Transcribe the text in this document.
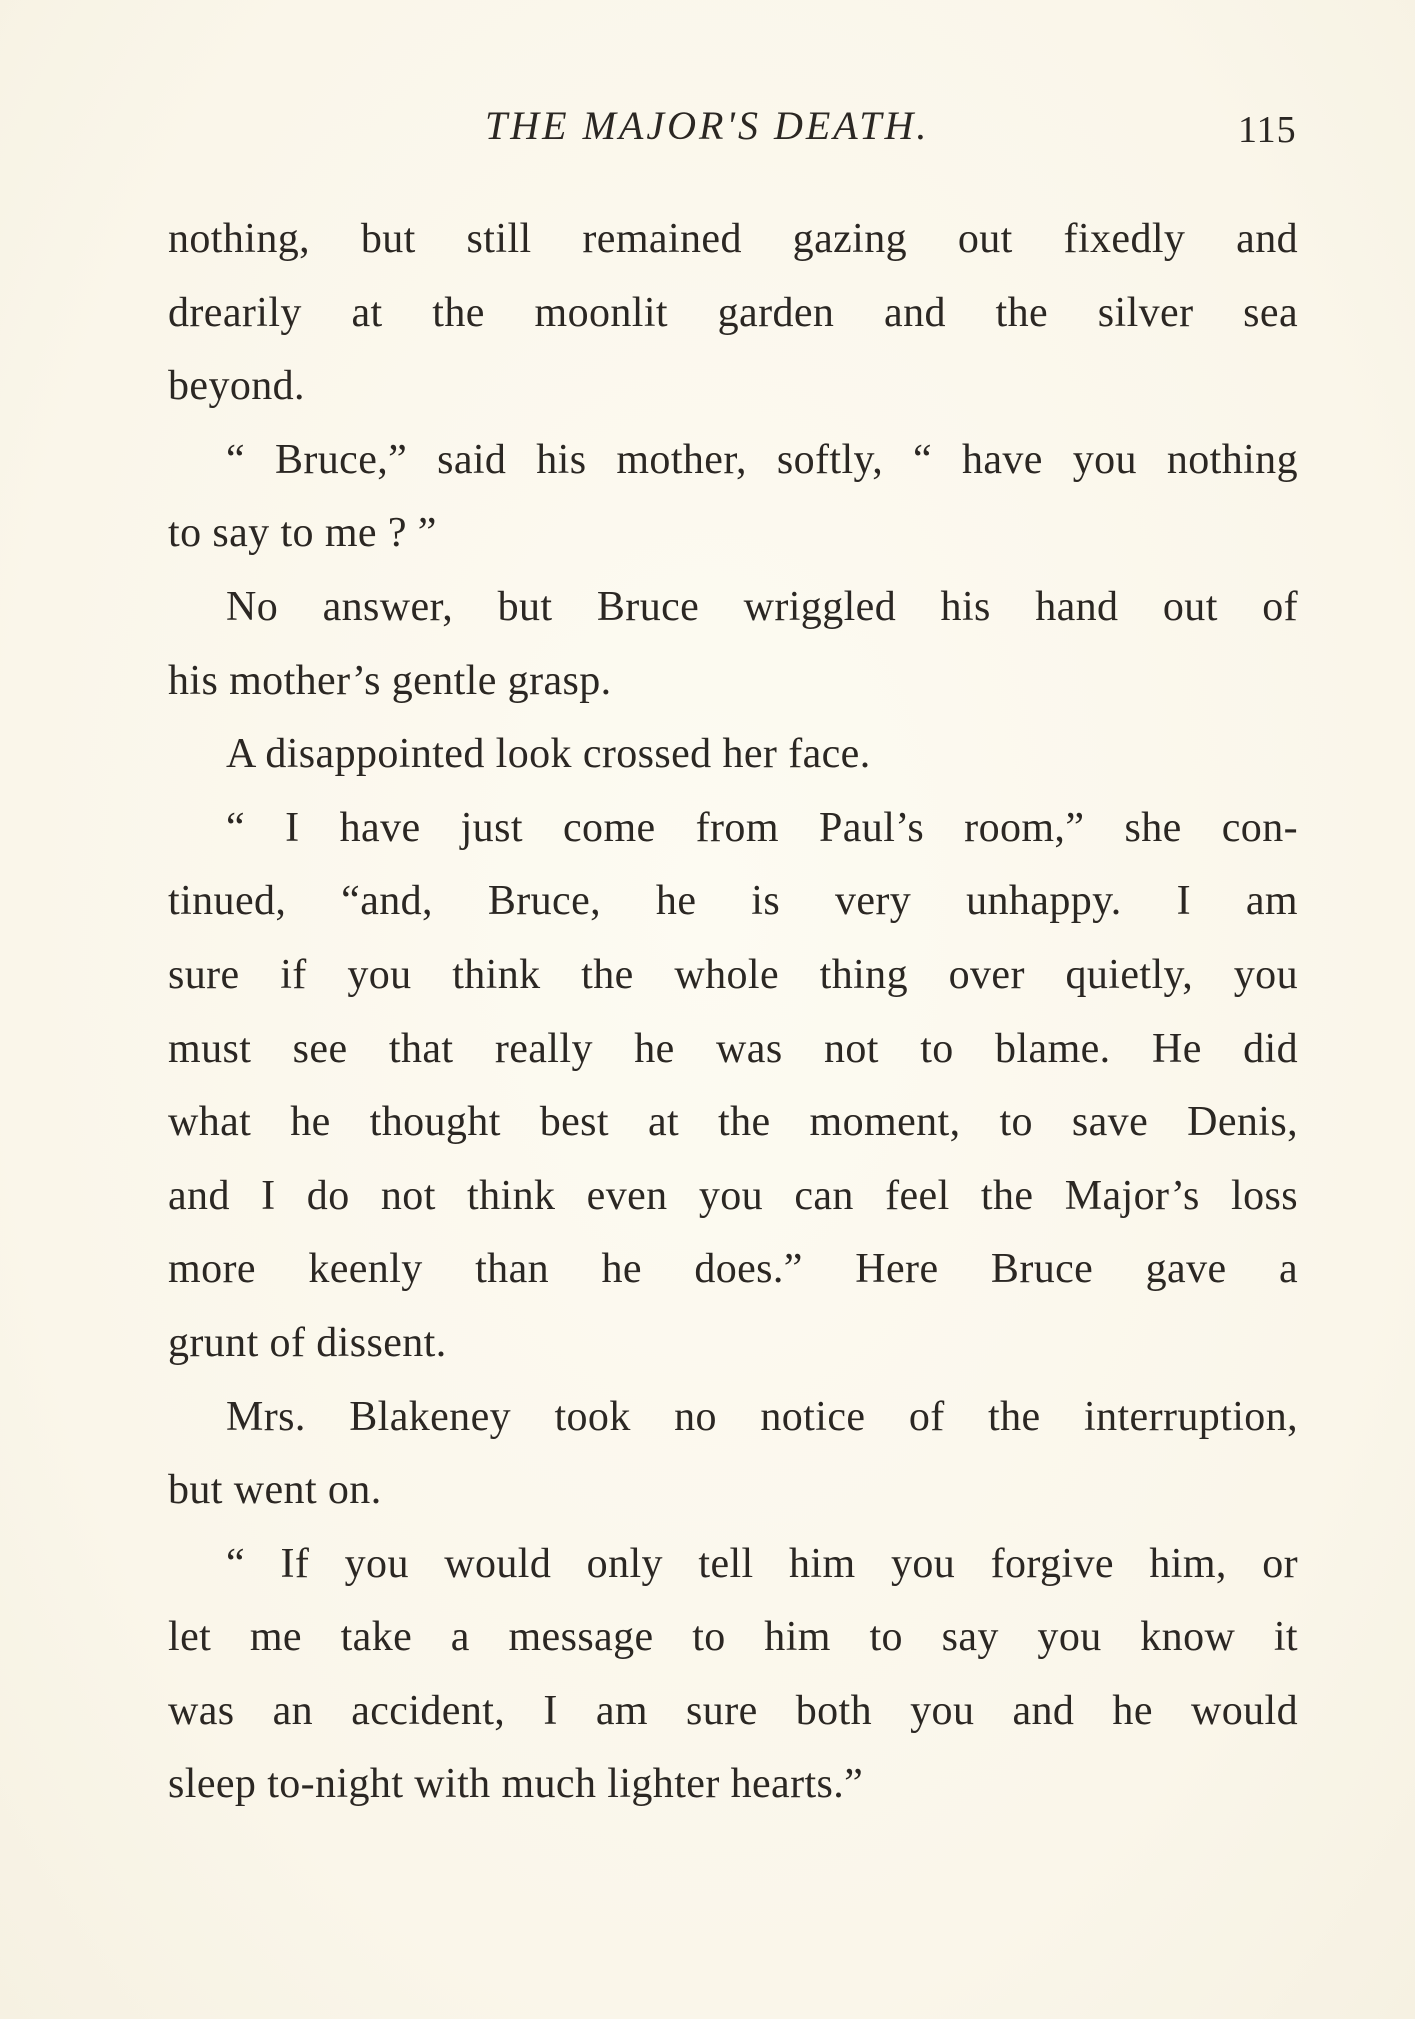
THE MAJOR'S DEATH.	115
nothing, but still remained gazing out fixedly and
drearily at the moonlit garden and the silver sea
beyond.
“ Bruce,” said his mother, softly, “ have you nothing
to say to me ? ”
No answer, but Bruce wriggled his hand out of
his mother’s gentle grasp.
A disappointed look crossed her face.
“ I have just come from Paul’s room,” she con-
tinued, “and, Bruce, he is very unhappy. I am
sure if you think the whole thing over quietly, you
must see that really he was not to blame. He did
what he thought best at the moment, to save Denis,
and I do not think even you can feel the Major’s loss
more keenly than he does.” Here Bruce gave a
grunt of dissent.
Mrs. Blakeney took no notice of the interruption,
but went on.
“ If you would only tell him you forgive him, or
let me take a message to him to say you know it
was an accident, I am sure both you and he would
sleep to-night with much lighter hearts.”
